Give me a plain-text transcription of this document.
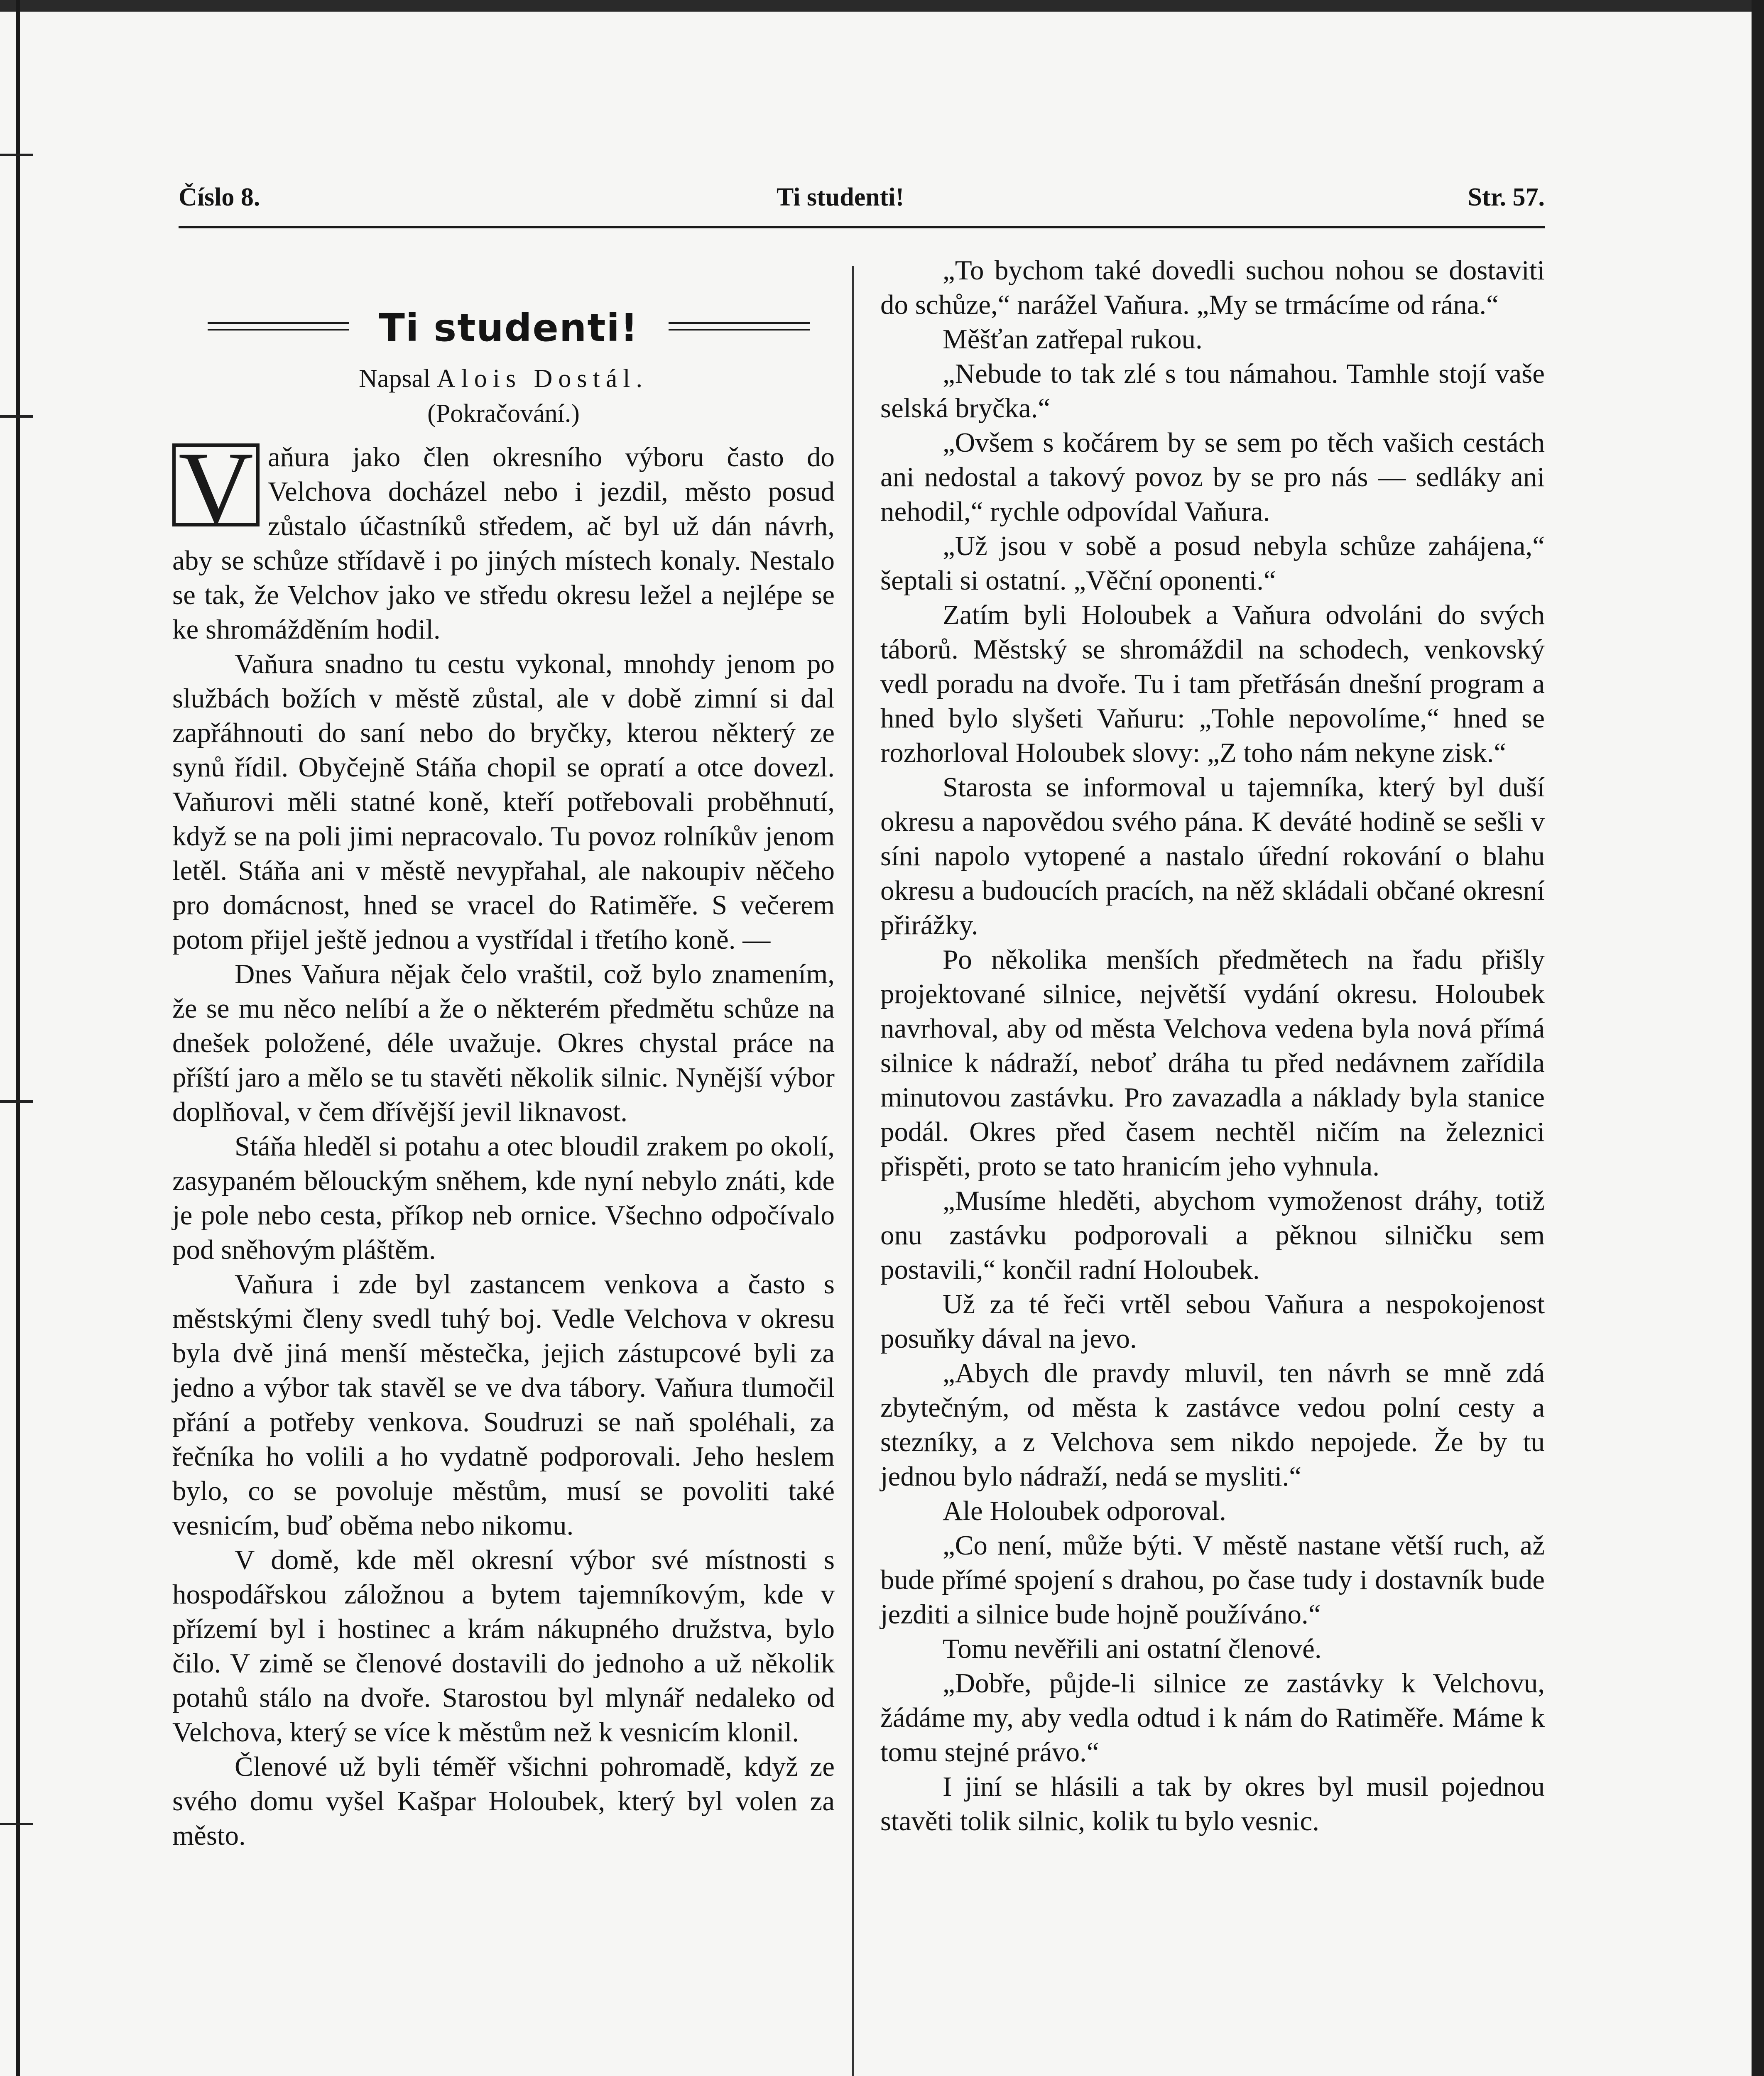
Číslo 8.	Ti studenti!	Str. 57.
Ti studenti!
Napsal Alois Dostál.
(Pokračování.)

V aňura jako člen okresního výboru často do Velchova docházel nebo i jezdil, město posud zůstalo účastníků středem, ač byl už dán návrh, aby se schůze střídavě i po jiných místech konaly. Nestalo se tak, že Velchov jako ve středu okresu ležel a nejlépe se ke shromážděním hodil.

Vaňura snadno tu cestu vykonal, mnohdy jenom po službách božích v městě zůstal, ale v době zimní si dal zapřáhnouti do saní nebo do bryčky, kterou některý ze synů řídil. Obyčejně Stáňa chopil se opratí a otce dovezl. Vaňurovi měli statné koně, kteří potřebovali proběhnutí, když se na poli jimi nepracovalo. Tu povoz rolníkův jenom letěl. Stáňa ani v městě nevypřahal, ale nakoupiv něčeho pro domácnost, hned se vracel do Ratiměře. S večerem potom přijel ještě jednou a vystřídal i třetího koně. —

Dnes Vaňura nějak čelo vraštil, což bylo znamením, že se mu něco nelíbí a že o některém předmětu schůze na dnešek položené, déle uvažuje. Okres chystal práce na příští jaro a mělo se tu stavěti několik silnic. Nynější výbor doplňoval, v čem dřívější jevil liknavost.

Stáňa hleděl si potahu a otec bloudil zrakem po okolí, zasypaném bělouckým sněhem, kde nyní nebylo znáti, kde je pole nebo cesta, příkop neb ornice. Všechno odpočívalo pod sněhovým pláštěm.

Vaňura i zde byl zastancem venkova a často s městskými členy svedl tuhý boj. Vedle Velchova v okresu byla dvě jiná menší městečka, jejich zástupcové byli za jedno a výbor tak stavěl se ve dva tábory. Vaňura tlumočil přání a potřeby venkova. Soudruzi se naň spoléhali, za řečníka ho volili a ho vydatně podporovali. Jeho heslem bylo, co se povoluje městům, musí se povoliti také vesnicím, buď oběma nebo nikomu.

V domě, kde měl okresní výbor své místnosti s hospodářskou záložnou a bytem tajemníkovým, kde v přízemí byl i hostinec a krám nákupného družstva, bylo čilo. V zimě se členové dostavili do jednoho a už několik potahů stálo na dvoře. Starostou byl mlynář nedaleko od Velchova, který se více k městům než k vesnicím klonil.

Členové už byli téměř všichni pohromadě, když ze svého domu vyšel Kašpar Holoubek, který byl volen za město.

„To bychom také dovedli suchou nohou se dostaviti do schůze,“ narážel Vaňura. „My se trmácíme od rána.“

Měšťan zatřepal rukou.

„Nebude to tak zlé s tou námahou. Tamhle stojí vaše selská bryčka.“

„Ovšem s kočárem by se sem po těch vašich cestách ani nedostal a takový povoz by se pro nás — sedláky ani nehodil,“ rychle odpovídal Vaňura.

„Už jsou v sobě a posud nebyla schůze zahájena,“ šeptali si ostatní. „Věční oponenti.“

Zatím byli Holoubek a Vaňura odvoláni do svých táborů. Městský se shromáždil na schodech, venkovský vedl poradu na dvoře. Tu i tam přetřásán dnešní program a hned bylo slyšeti Vaňuru: „Tohle nepovolíme,“ hned se rozhorloval Holoubek slovy: „Z toho nám nekyne zisk.“

Starosta se informoval u tajemníka, který byl duší okresu a napovědou svého pána. K deváté hodině se sešli v síni napolo vytopené a nastalo úřední rokování o blahu okresu a budoucích pracích, na něž skládali občané okresní přirážky.

Po několika menších předmětech na řadu přišly projektované silnice, největší vydání okresu. Holoubek navrhoval, aby od města Velchova vedena byla nová přímá silnice k nádraží, neboť dráha tu před nedávnem zařídila minutovou zastávku. Pro zavazadla a náklady byla stanice podál. Okres před časem nechtěl ničím na železnici přispěti, proto se tato hranicím jeho vyhnula.

„Musíme hleděti, abychom vymoženost dráhy, totiž onu zastávku podporovali a pěknou silničku sem postavili,“ končil radní Holoubek.

Už za té řeči vrtěl sebou Vaňura a nespokojenost posuňky dával na jevo.

„Abych dle pravdy mluvil, ten návrh se mně zdá zbytečným, od města k zastávce vedou polní cesty a stezníky, a z Velchova sem nikdo nepojede. Že by tu jednou bylo nádraží, nedá se mysliti.“

Ale Holoubek odporoval.

„Co není, může býti. V městě nastane větší ruch, až bude přímé spojení s drahou, po čase tudy i dostavník bude jezditi a silnice bude hojně používáno.“

Tomu nevěřili ani ostatní členové.

„Dobře, půjde-li silnice ze zastávky k Velchovu, žádáme my, aby vedla odtud i k nám do Ratiměře. Máme k tomu stejné právo.“

I jiní se hlásili a tak by okres byl musil pojednou stavěti tolik silnic, kolik tu bylo vesnic.
